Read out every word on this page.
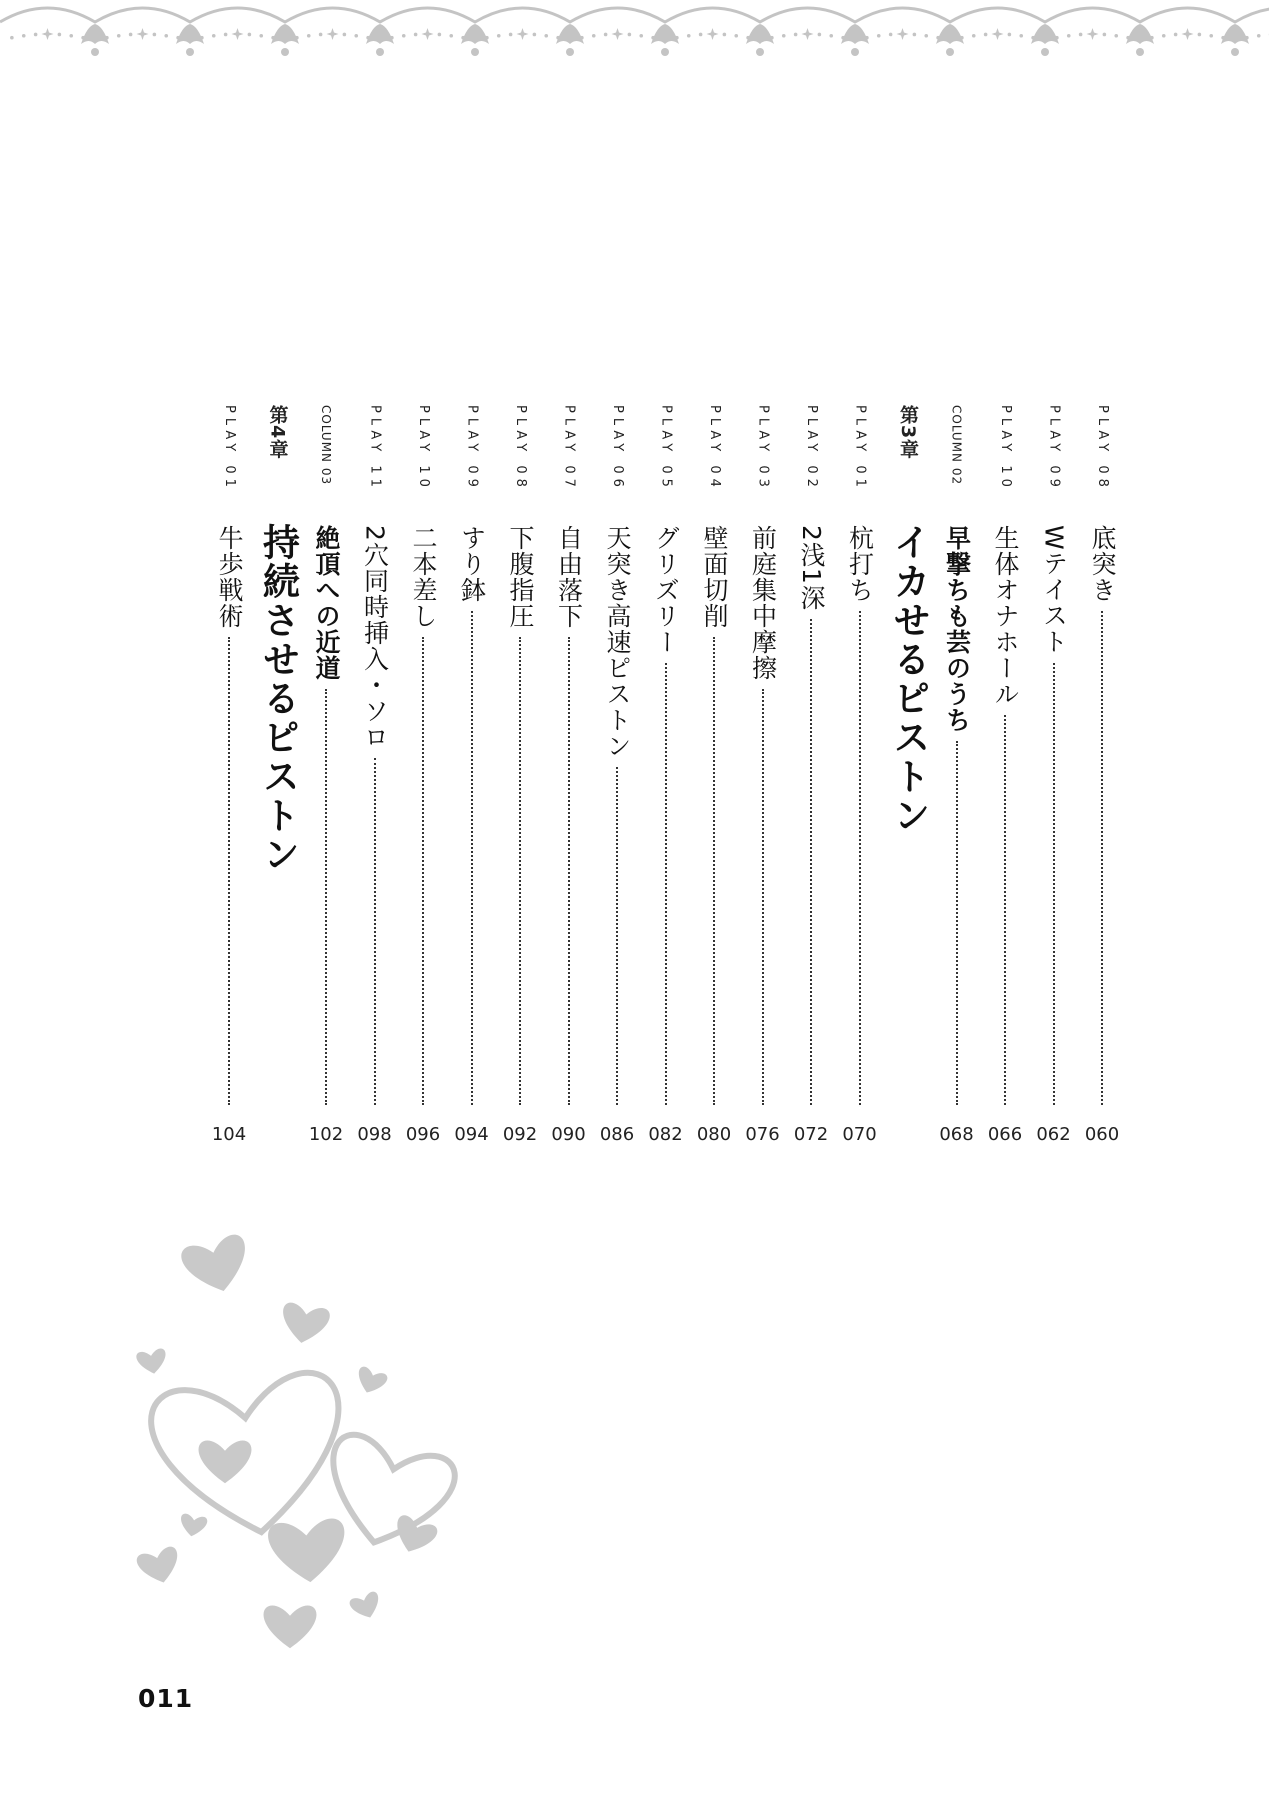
PLAY 08
底突き
060
PLAY 09
Wテイスト
062
PLAY 10
生体オナホール
066
COLUMN 02
早撃ちも芸のうち
068
第3章
イカせるピストン
PLAY 01
杭打ち
070
PLAY 02
2浅1深
072
PLAY 03
前庭集中摩擦
076
PLAY 04
壁面切削
080
PLAY 05
グリズリー
082
PLAY 06
天突き高速ピストン
086
PLAY 07
自由落下
090
PLAY 08
下腹指圧
092
PLAY 09
すり鉢
094
PLAY 10
二本差し
096
PLAY 11
2穴同時挿入・ソロ
098
COLUMN 03
絶頂への近道
102
第4章
持続させるピストン
PLAY 01
牛歩戦術
104
011
